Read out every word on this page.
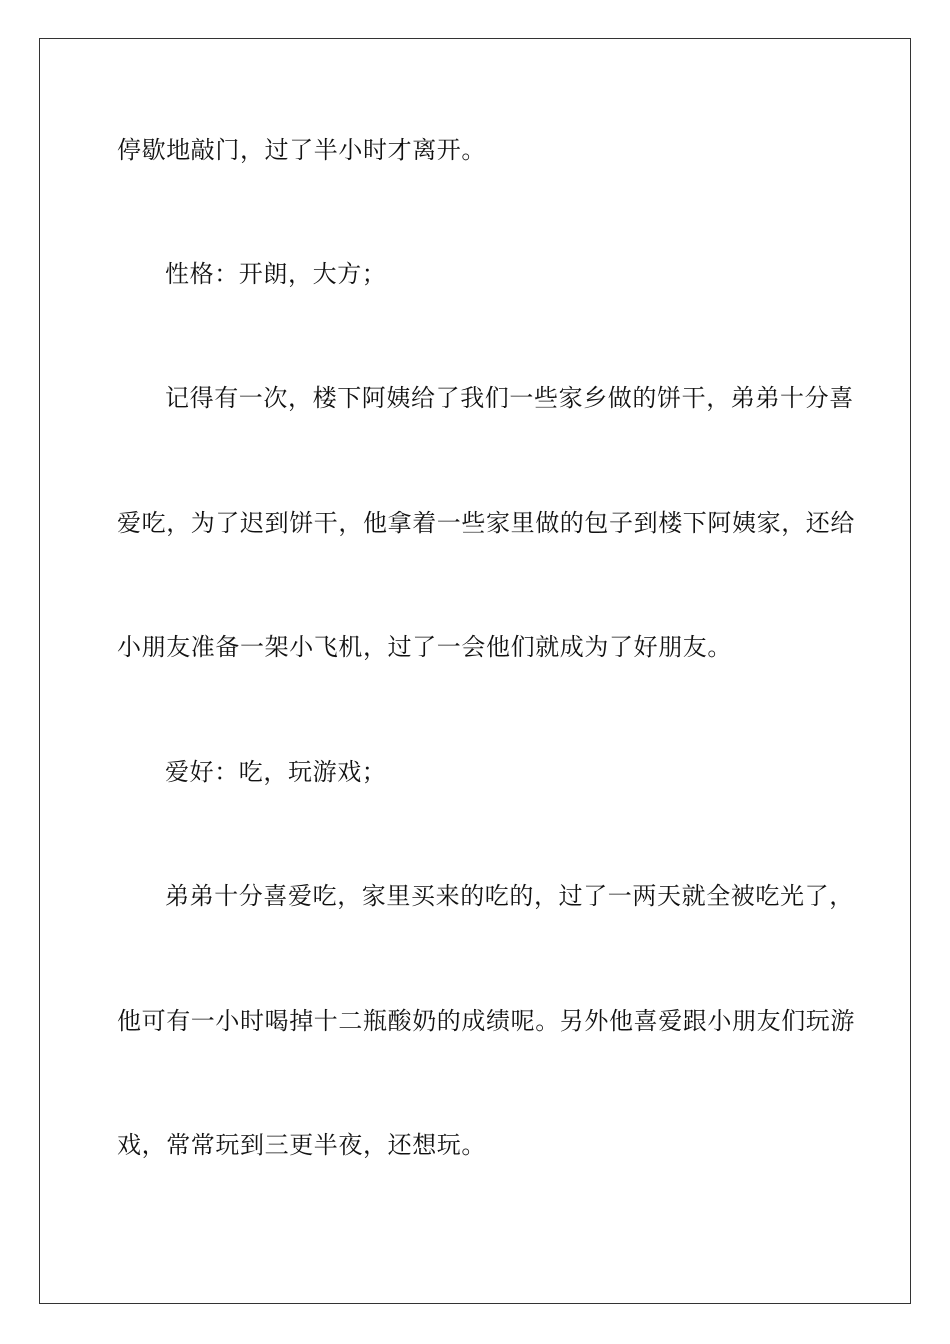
停歇地敲门，过了半小时才离开。
性格：开朗，大方；
记得有一次，楼下阿姨给了我们一些家乡做的饼干，弟弟十分喜
爱吃，为了迟到饼干，他拿着一些家里做的包子到楼下阿姨家，还给
小朋友准备一架小飞机，过了一会他们就成为了好朋友。
爱好：吃，玩游戏；
弟弟十分喜爱吃，家里买来的吃的，过了一两天就全被吃光了，
他可有一小时喝掉十二瓶酸奶的成绩呢。另外他喜爱跟小朋友们玩游
戏，常常玩到三更半夜，还想玩。
